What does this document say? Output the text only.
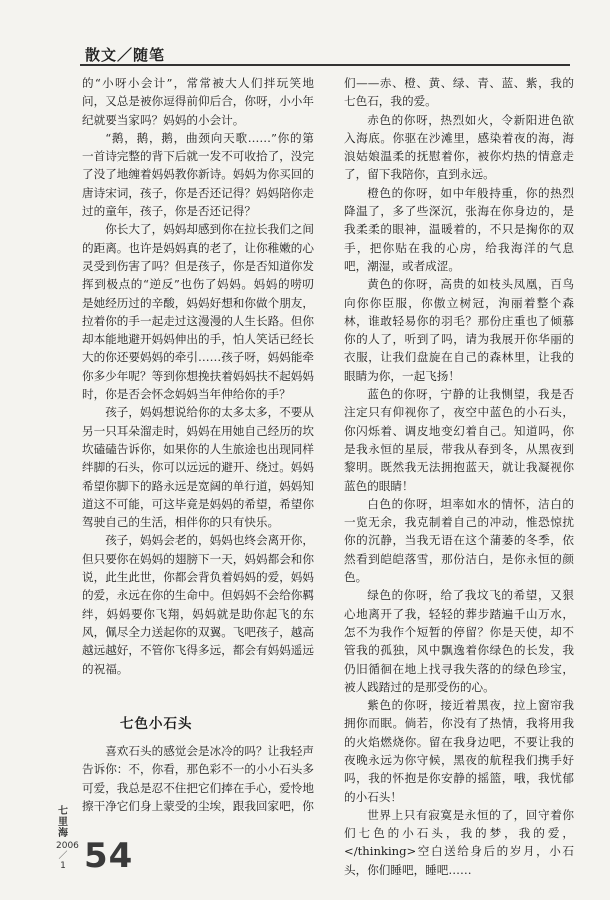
散文／随笔

的“小呀小会计”，常常被大人们拌玩笑地问，又总是被你逗得前仰后合，你呀，小小年纪就要当家吗？妈妈的小会计。

“鹅，鹅，鹅，曲颈向天歌……”你的第一首诗完整的背下后就一发不可收拾了，没完了没了地缠着妈妈教你新诗。妈妈为你买回的唐诗宋词，孩子，你是否还记得？妈妈陪你走过的童年，孩子，你是否还记得？

你长大了，妈妈却感到你在拉长我们之间的距离。也许是妈妈真的老了，让你稚嫩的心灵受到伤害了吗？但是孩子，你是否知道你发挥到极点的“逆反”也伤了妈妈。妈妈的唠叨是她经历过的辛酸，妈妈好想和你做个朋友，拉着你的手一起走过这漫漫的人生长路。但你却本能地避开妈妈伸出的手，怕人笑话已经长大的你还要妈妈的牵引……孩子呀，妈妈能牵你多少年呢？等到你想挽扶着妈妈扶不起妈妈时，你是否会怀念妈妈当年伸给你的手？

孩子，妈妈想说给你的太多太多，不要从另一只耳朵溜走时，妈妈在用她自己经历的坎坎磕磕告诉你，如果你的人生旅途也出现同样绊脚的石头，你可以远远的避开、绕过。妈妈希望你脚下的路永远是宽阔的单行道，妈妈知道这不可能，可这毕竟是妈妈的希望，希望你驾驶自己的生活，相伴你的只有快乐。

孩子，妈妈会老的，妈妈也终会离开你，但只要你在妈妈的翅膀下一天，妈妈都会和你说，此生此世，你都会背负着妈妈的爱，妈妈的爱，永远在你的生命中。但妈妈不会给你羁绊，妈妈要你飞翔，妈妈就是助你起飞的东风，佩尽全力送起你的双翼。飞吧孩子，越高越远越好，不管你飞得多远，都会有妈妈遥远的祝福。

七色小石头

喜欢石头的感觉会是冰冷的吗？让我轻声告诉你：不，你看，那色彩不一的小小石头多可爱，我总是忍不住把它们捧在手心，爱怜地擦干净它们身上蒙受的尘埃，跟我回家吧，你

们——赤、橙、黄、绿、青、蓝、紫，我的七色石，我的爱。

赤色的你呀，热烈如火，令新阳进色欲入海底。你驱在沙滩里，感染着夜的海，海浪姑娘温柔的抚慰着你，被你灼热的情意走了，留下我陪你，直到永远。

橙色的你呀，如中年般持重，你的热烈降温了，多了些深沉，张海在你身边的，是我柔柔的眼神，温暖着的，不只是掬你的双手，把你贴在我的心房，给我海洋的气息吧，潮湿，或者成涩。

黄色的你呀，高贵的如枝头凤凰，百鸟向你你臣服，你傲立树冠，洵丽着整个森林，谁敢轻易你的羽毛？那份庄重也了倾慕你的人了，听到了吗，请为我展开你华丽的衣服，让我们盘旋在自己的森林里，让我的眼睛为你，一起飞扬！

蓝色的你呀，宁静的让我恻望，我是否注定只有仰视你了，夜空中蓝色的小石头，你闪烁着、调皮地变幻着自己。知道吗，你是我永恒的星辰，带我从春到冬，从黑夜到黎明。既然我无法拥抱蓝天，就让我凝视你蓝色的眼睛！

白色的你呀，坦率如水的情怀，洁白的一览无余，我克制着自己的冲动，惟恐惊扰你的沉静，当我无语在这个蒲萎的冬季，依然看到皑皑落雪，那份洁白，是你永恒的颜色。

绿色的你呀，给了我坟飞的希望，又狠心地离开了我，轻轻的葬步踏遍千山万水，怎不为我作个短暂的停留？你是天使，却不管我的孤独，风中飘逸着你绿色的长发，我仍旧循徊在地上找寻我失落的的绿色珍宝，被人践踏过的是那受伤的心。

紫色的你呀，接近着黑夜，拉上窗帘我拥你而眠。倘若，你没有了热情，我将用我的火焰燃烧你。留在我身边吧，不要让我的夜晚永远为你守候，黑夜的航程我们携手好吗，我的怀抱是你安静的摇篮，哦，我忧郁的小石头！

世界上只有寂寞是永恒的了，回守着你们七色的小石头，我的梦，我的爱，</thinking>空白送给身后的岁月，小石头，你们睡吧，睡吧……

七里海
2006／1 54
